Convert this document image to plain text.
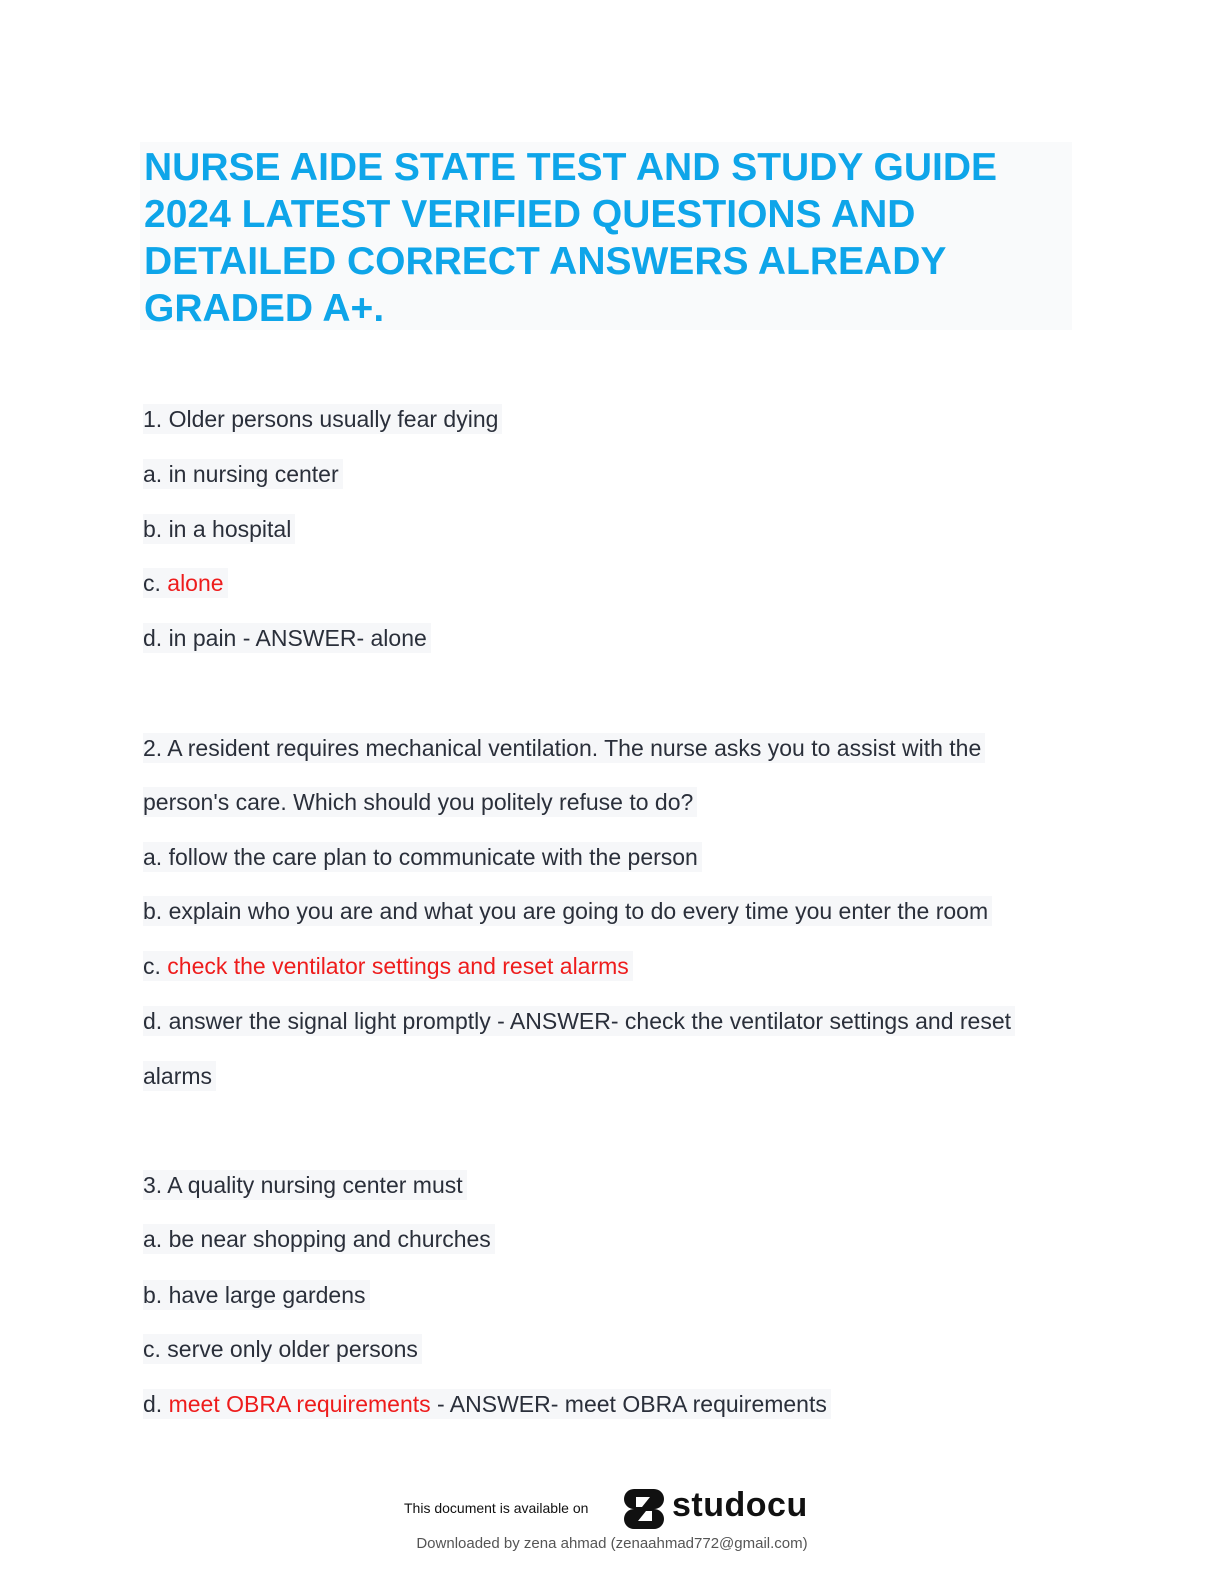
NURSE AIDE STATE TEST AND STUDY GUIDE
2024 LATEST VERIFIED QUESTIONS AND
DETAILED CORRECT ANSWERS ALREADY
GRADED A+.
1. Older persons usually fear dying
a. in nursing center
b. in a hospital
c. alone
d. in pain - ANSWER- alone
2. A resident requires mechanical ventilation. The nurse asks you to assist with the
person's care. Which should you politely refuse to do?
a. follow the care plan to communicate with the person
b. explain who you are and what you are going to do every time you enter the room
c. check the ventilator settings and reset alarms
d. answer the signal light promptly - ANSWER- check the ventilator settings and reset
alarms
3. A quality nursing center must
a. be near shopping and churches
b. have large gardens
c. serve only older persons
d. meet OBRA requirements - ANSWER- meet OBRA requirements
This document is available on studocu
Downloaded by zena ahmad (zenaahmad772@gmail.com)
